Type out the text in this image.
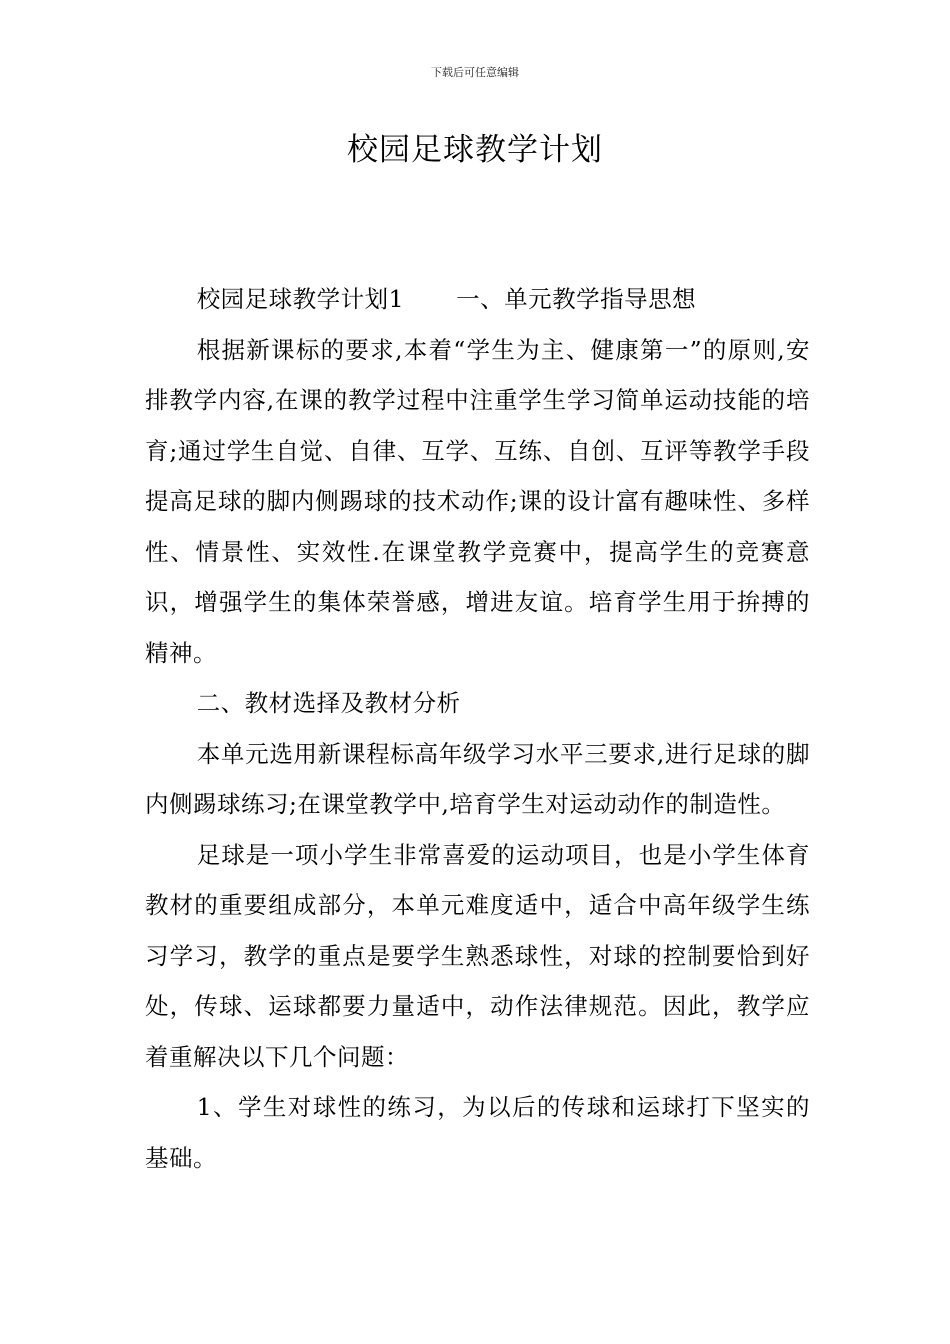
下载后可任意编辑
校园足球教学计划

校园足球教学计划1 一、单元教学指导思想

根据新课标的要求,本着“学生为主、健康第一”的原则,安排教学内容,在课的教学过程中注重学生学习简单运动技能的培育;通过学生自觉、自律、互学、互练、自创、互评等教学手段提高足球的脚内侧踢球的技术动作;课的设计富有趣味性、多样性、情景性、实效性.在课堂教学竞赛中，提高学生的竞赛意识，增强学生的集体荣誉感，增进友谊。培育学生用于拚搏的精神。

二、教材选择及教材分析

本单元选用新课程标高年级学习水平三要求,进行足球的脚内侧踢球练习;在课堂教学中,培育学生对运动动作的制造性。

足球是一项小学生非常喜爱的运动项目，也是小学生体育教材的重要组成部分，本单元难度适中，适合中高年级学生练习学习，教学的重点是要学生熟悉球性，对球的控制要恰到好处，传球、运球都要力量适中，动作法律规范。因此，教学应着重解决以下几个问题：

1、学生对球性的练习，为以后的传球和运球打下坚实的基础。
